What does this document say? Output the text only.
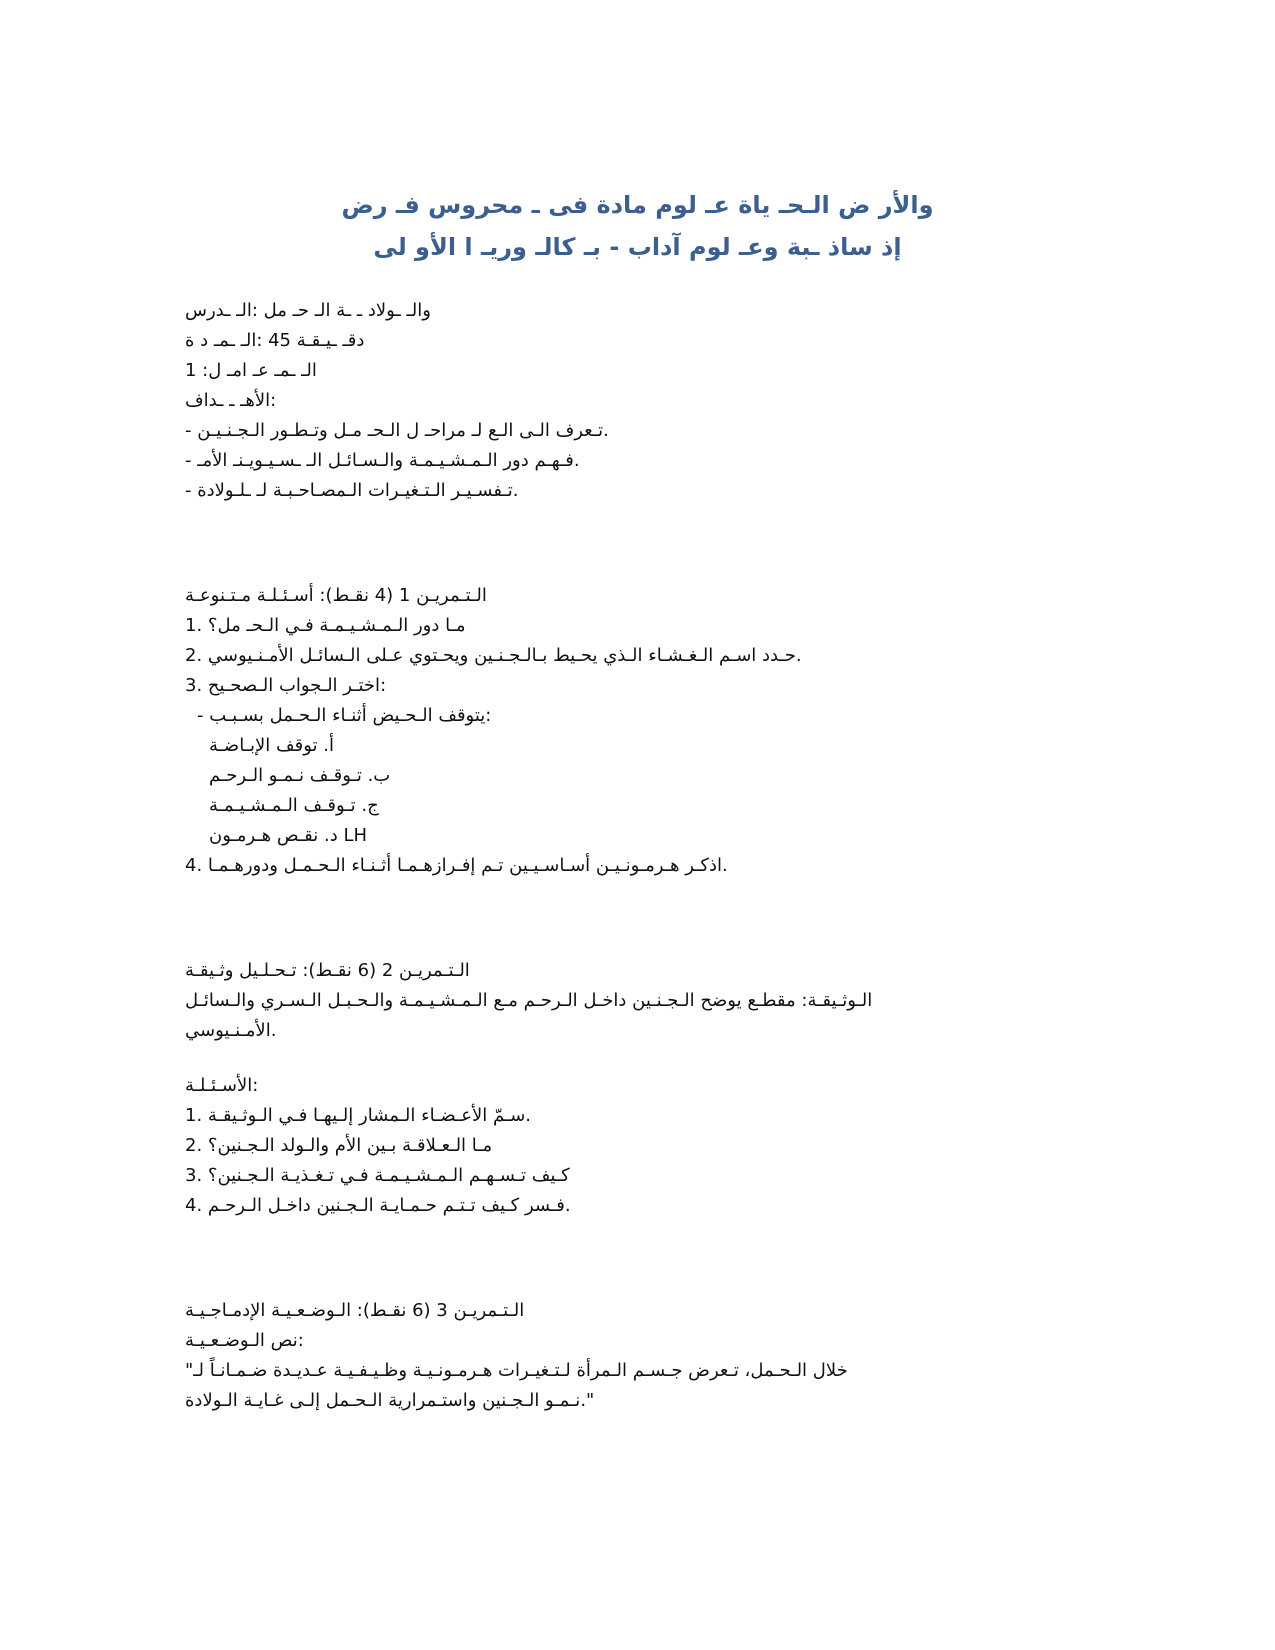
والأر ض الـحـ ياة عـ لوم مادة فى ـ محروس فـ رض
إذ ساذ ـبة وعـ لوم آداب - بـ كالـ وريـ ا الأو لى
والـ ـولاد ـ ـة الـ حـ مل :الـ ـدرس
دقـ ـيـقـة 45 :الـ ـمـ د ة
1 :الـ ـمـ عـ امـ ل
الأهـ ـ ـداف:
- تـعرف الـى الـع لـ مراحـ ل الـحـ مـل وتـطـور الـجـنـيـن.
- فـهـم دور الـمـشـيـمـة والـسـائـل الـ ـسـيـويـنـ الأمـ.
- تـفسـيـر الـتـغيـرات الـمصـاحـبـة لـ ـلـولادة.
الـتـمريـن 1 (4 نقـط): أسـئـلـة مـتـنوعـة
1. مـا دور الـمـشـيـمـة فـي الـحـ مل؟
2. حـدد اسـم الـغـشـاء الـذي يحـيط بـالـجـنـين ويحـتوي عـلى الـسائـل الأمـنـيوسي.
3. اختـر الـجواب الـصحـيح:
- يتوقف الـحـيض أثنـاء الـحـمل بسـبـب:
أ. توقف الإبـاضـة
ب. تـوقـف نـمـو الـرحـم
ج. تـوقـف الـمـشـيـمـة
د. نقـص هـرمـون LH
4. اذكـر هـرمـونـيـن أسـاسـيـين تـم إفـرازهـمـا أثـنـاء الـحـمـل ودورهـمـا.
الـتـمريـن 2 (6 نقـط): تـحـلـيل وثـيقـة
الـوثـيقـة: مقطـع يوضح الـجـنـين داخـل الـرحـم مـع الـمـشـيـمـة والـحـبـل الـسـري والـسائـل
الأمـنـيوسي.
الأسـئـلـة:
1. سـمّ الأعـضـاء الـمشار إلـيهـا فـي الـوثـيقـة.
2. مـا الـعـلاقـة بـين الأم والـولد الـجـنين؟
3. كـيف تـسـهـم الـمـشـيـمـة فـي تـغـذيـة الـجـنين؟
4. فـسر كـيف تـتـم حـمـايـة الـجـنين داخـل الـرحـم.
الـتـمريـن 3 (6 نقـط): الـوضـعـيـة الإدمـاجـيـة
نص الـوضـعـيـة:
"خلال الـحـمل، تـعرض جـسـم الـمرأة لـتـغيـرات هـرمـونـيـة وظـيـفـيـة عـديـدة ضـمـانـاً لـ
نـمـو الـجـنين واستـمرارية الـحـمل إلـى غـايـة الـولادة."
